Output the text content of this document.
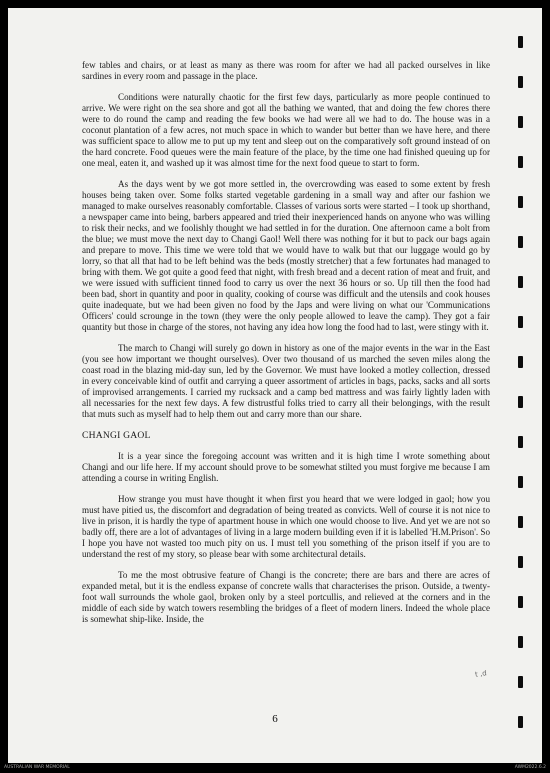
few tables and chairs, or at least as many as there was room for after we had all packed ourselves in like sardines in every room and passage in the place.

Conditions were naturally chaotic for the first few days, particularly as more people continued to arrive. We were right on the sea shore and got all the bathing we wanted, that and doing the few chores there were to do round the camp and reading the few books we had were all we had to do. The house was in a coconut plantation of a few acres, not much space in which to wander but better than we have here, and there was sufficient space to allow me to put up my tent and sleep out on the comparatively soft ground instead of on the hard concrete. Food queues were the main feature of the place, by the time one had finished queuing up for one meal, eaten it, and washed up it was almost time for the next food queue to start to form.

As the days went by we got more settled in, the overcrowding was eased to some extent by fresh houses being taken over. Some folks started vegetable gardening in a small way and after our fashion we managed to make ourselves reasonably comfortable. Classes of various sorts were started – I took up shorthand, a newspaper came into being, barbers appeared and tried their inexperienced hands on anyone who was willing to risk their necks, and we foolishly thought we had settled in for the duration. One afternoon came a bolt from the blue; we must move the next day to Changi Gaol! Well there was nothing for it but to pack our bags again and prepare to move. This time we were told that we would have to walk but that our luggage would go by lorry, so that all that had to be left behind was the beds (mostly stretcher) that a few fortunates had managed to bring with them. We got quite a good feed that night, with fresh bread and a decent ration of meat and fruit, and we were issued with sufficient tinned food to carry us over the next 36 hours or so. Up till then the food had been bad, short in quantity and poor in quality, cooking of course was difficult and the utensils and cook houses quite inadequate, but we had been given no food by the Japs and were living on what our 'Communications Officers' could scrounge in the town (they were the only people allowed to leave the camp). They got a fair quantity but those in charge of the stores, not having any idea how long the food had to last, were stingy with it.

The march to Changi will surely go down in history as one of the major events in the war in the East (you see how important we thought ourselves). Over two thousand of us marched the seven miles along the coast road in the blazing mid-day sun, led by the Governor. We must have looked a motley collection, dressed in every conceivable kind of outfit and carrying a queer assortment of articles in bags, packs, sacks and all sorts of improvised arrangements. I carried my rucksack and a camp bed mattress and was fairly lightly laden with all necessaries for the next few days. A few distrustful folks tried to carry all their belongings, with the result that muts such as myself had to help them out and carry more than our share.

CHANGI GAOL

It is a year since the foregoing account was written and it is high time I wrote something about Changi and our life here. If my account should prove to be somewhat stilted you must forgive me because I am attending a course in writing English.

How strange you must have thought it when first you heard that we were lodged in gaol; how you must have pitied us, the discomfort and degradation of being treated as convicts. Well of course it is not nice to live in prison, it is hardly the type of apartment house in which one would choose to live. And yet we are not so badly off, there are a lot of advantages of living in a large modern building even if it is labelled 'H.M.Prison'. So I hope you have not wasted too much pity on us. I must tell you something of the prison itself if you are to understand the rest of my story, so please bear with some architectural details.

To me the most obtrusive feature of Changi is the concrete; there are bars and there are acres of expanded metal, but it is the endless expanse of concrete walls that characterises the prison. Outside, a twenty-foot wall surrounds the whole gaol, broken only by a steel portcullis, and relieved at the corners and in the middle of each side by watch towers resembling the bridges of a fleet of modern liners. Indeed the whole place is somewhat ship-like. Inside, the

6
t ,d
AUSTRALIAN WAR MEMORIAL	AWM2022.6.2
